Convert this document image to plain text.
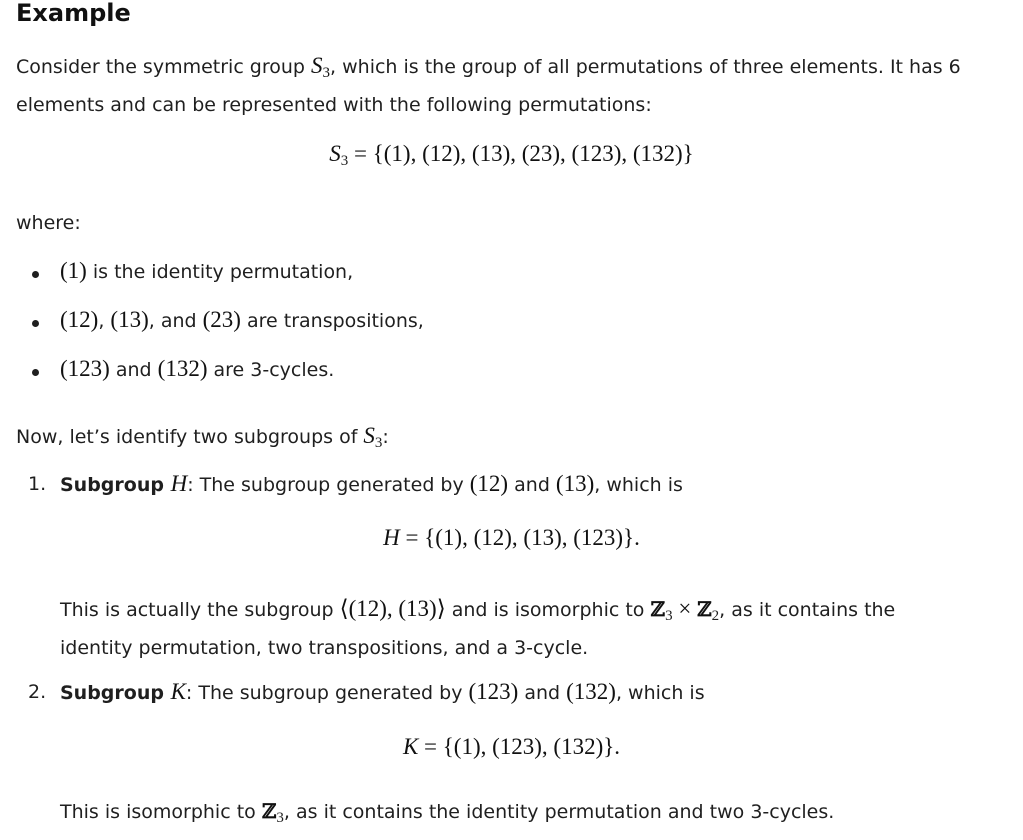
Example
Consider the symmetric group $S_3$, which is the group of all permutations of three elements. It has 6
elements and can be represented with the following permutations:
$S_3 = \{(1)$, (12), (13), (23), (123), (132)}
where:
(1) is the identity permutation,
(12), (13), and (23) are transpositions,
(123) and (132) are 3-cycles.
Now, let’s identify two subgroups of $S_3$:
1. Subgroup H: The subgroup generated by (12) and (13), which is
H = {(1), (12), (13), (123)}.
This is actually the subgroup ⟨(12), (13)⟩ and is isomorphic to ℤ$_3$ × ℤ$_2$, as it contains the
identity permutation, two transpositions, and a 3-cycle.
2. Subgroup K: The subgroup generated by (123) and (132), which is
K = {(1), (123), (132)}.
This is isomorphic to ℤ$_3$, as it contains the identity permutation and two 3-cycles.
